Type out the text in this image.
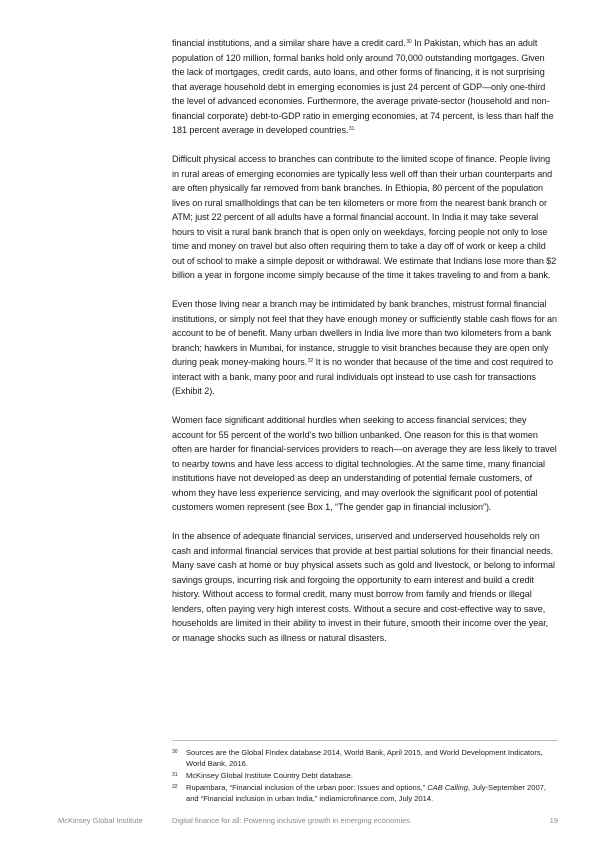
financial institutions, and a similar share have a credit card.$^{30}$ In Pakistan, which has an adult population of 120 million, formal banks hold only around 70,000 outstanding mortgages. Given the lack of mortgages, credit cards, auto loans, and other forms of financing, it is not surprising that average household debt in emerging economies is just 24 percent of GDP—only one-third the level of advanced economies. Furthermore, the average private-sector (household and non-financial corporate) debt-to-GDP ratio in emerging economies, at 74 percent, is less than half the 181 percent average in developed countries.$^{31}$

Difficult physical access to branches can contribute to the limited scope of finance. People living in rural areas of emerging economies are typically less well off than their urban counterparts and are often physically far removed from bank branches. In Ethiopia, 80 percent of the population lives on rural smallholdings that can be ten kilometers or more from the nearest bank branch or ATM; just 22 percent of all adults have a formal financial account. In India it may take several hours to visit a rural bank branch that is open only on weekdays, forcing people not only to lose time and money on travel but also often requiring them to take a day off of work or keep a child out of school to make a simple deposit or withdrawal. We estimate that Indians lose more than $2 billion a year in forgone income simply because of the time it takes traveling to and from a bank.

Even those living near a branch may be intimidated by bank branches, mistrust formal financial institutions, or simply not feel that they have enough money or sufficiently stable cash flows for an account to be of benefit. Many urban dwellers in India live more than two kilometers from a bank branch; hawkers in Mumbai, for instance, struggle to visit branches because they are open only during peak money-making hours.$^{32}$ It is no wonder that because of the time and cost required to interact with a bank, many poor and rural individuals opt instead to use cash for transactions (Exhibit 2).

Women face significant additional hurdles when seeking to access financial services; they account for 55 percent of the world’s two billion unbanked. One reason for this is that women often are harder for financial-services providers to reach—on average they are less likely to travel to nearby towns and have less access to digital technologies. At the same time, many financial institutions have not developed as deep an understanding of potential female customers, of whom they have less experience servicing, and may overlook the significant pool of potential customers women represent (see Box 1, “The gender gap in financial inclusion”).

In the absence of adequate financial services, unserved and underserved households rely on cash and informal financial services that provide at best partial solutions for their financial needs. Many save cash at home or buy physical assets such as gold and livestock, or belong to informal savings groups, incurring risk and forgoing the opportunity to earn interest and build a credit history. Without access to formal credit, many must borrow from family and friends or illegal lenders, often paying very high interest costs. Without a secure and cost-effective way to save, households are limited in their ability to invest in their future, smooth their income over the year, or manage shocks such as illness or natural disasters.

30 Sources are the Global Findex database 2014, World Bank, April 2015, and World Development Indicators, World Bank, 2016.
31 McKinsey Global Institute Country Debt database.
32 Rupambara, “Financial inclusion of the urban poor: Issues and options,” CAB Calling, July-September 2007, and “Financial inclusion in urban India,” indiamicrofinance.com, July 2014.
McKinsey Global Institute	Digital finance for all: Powering inclusive growth in emerging economies	19
